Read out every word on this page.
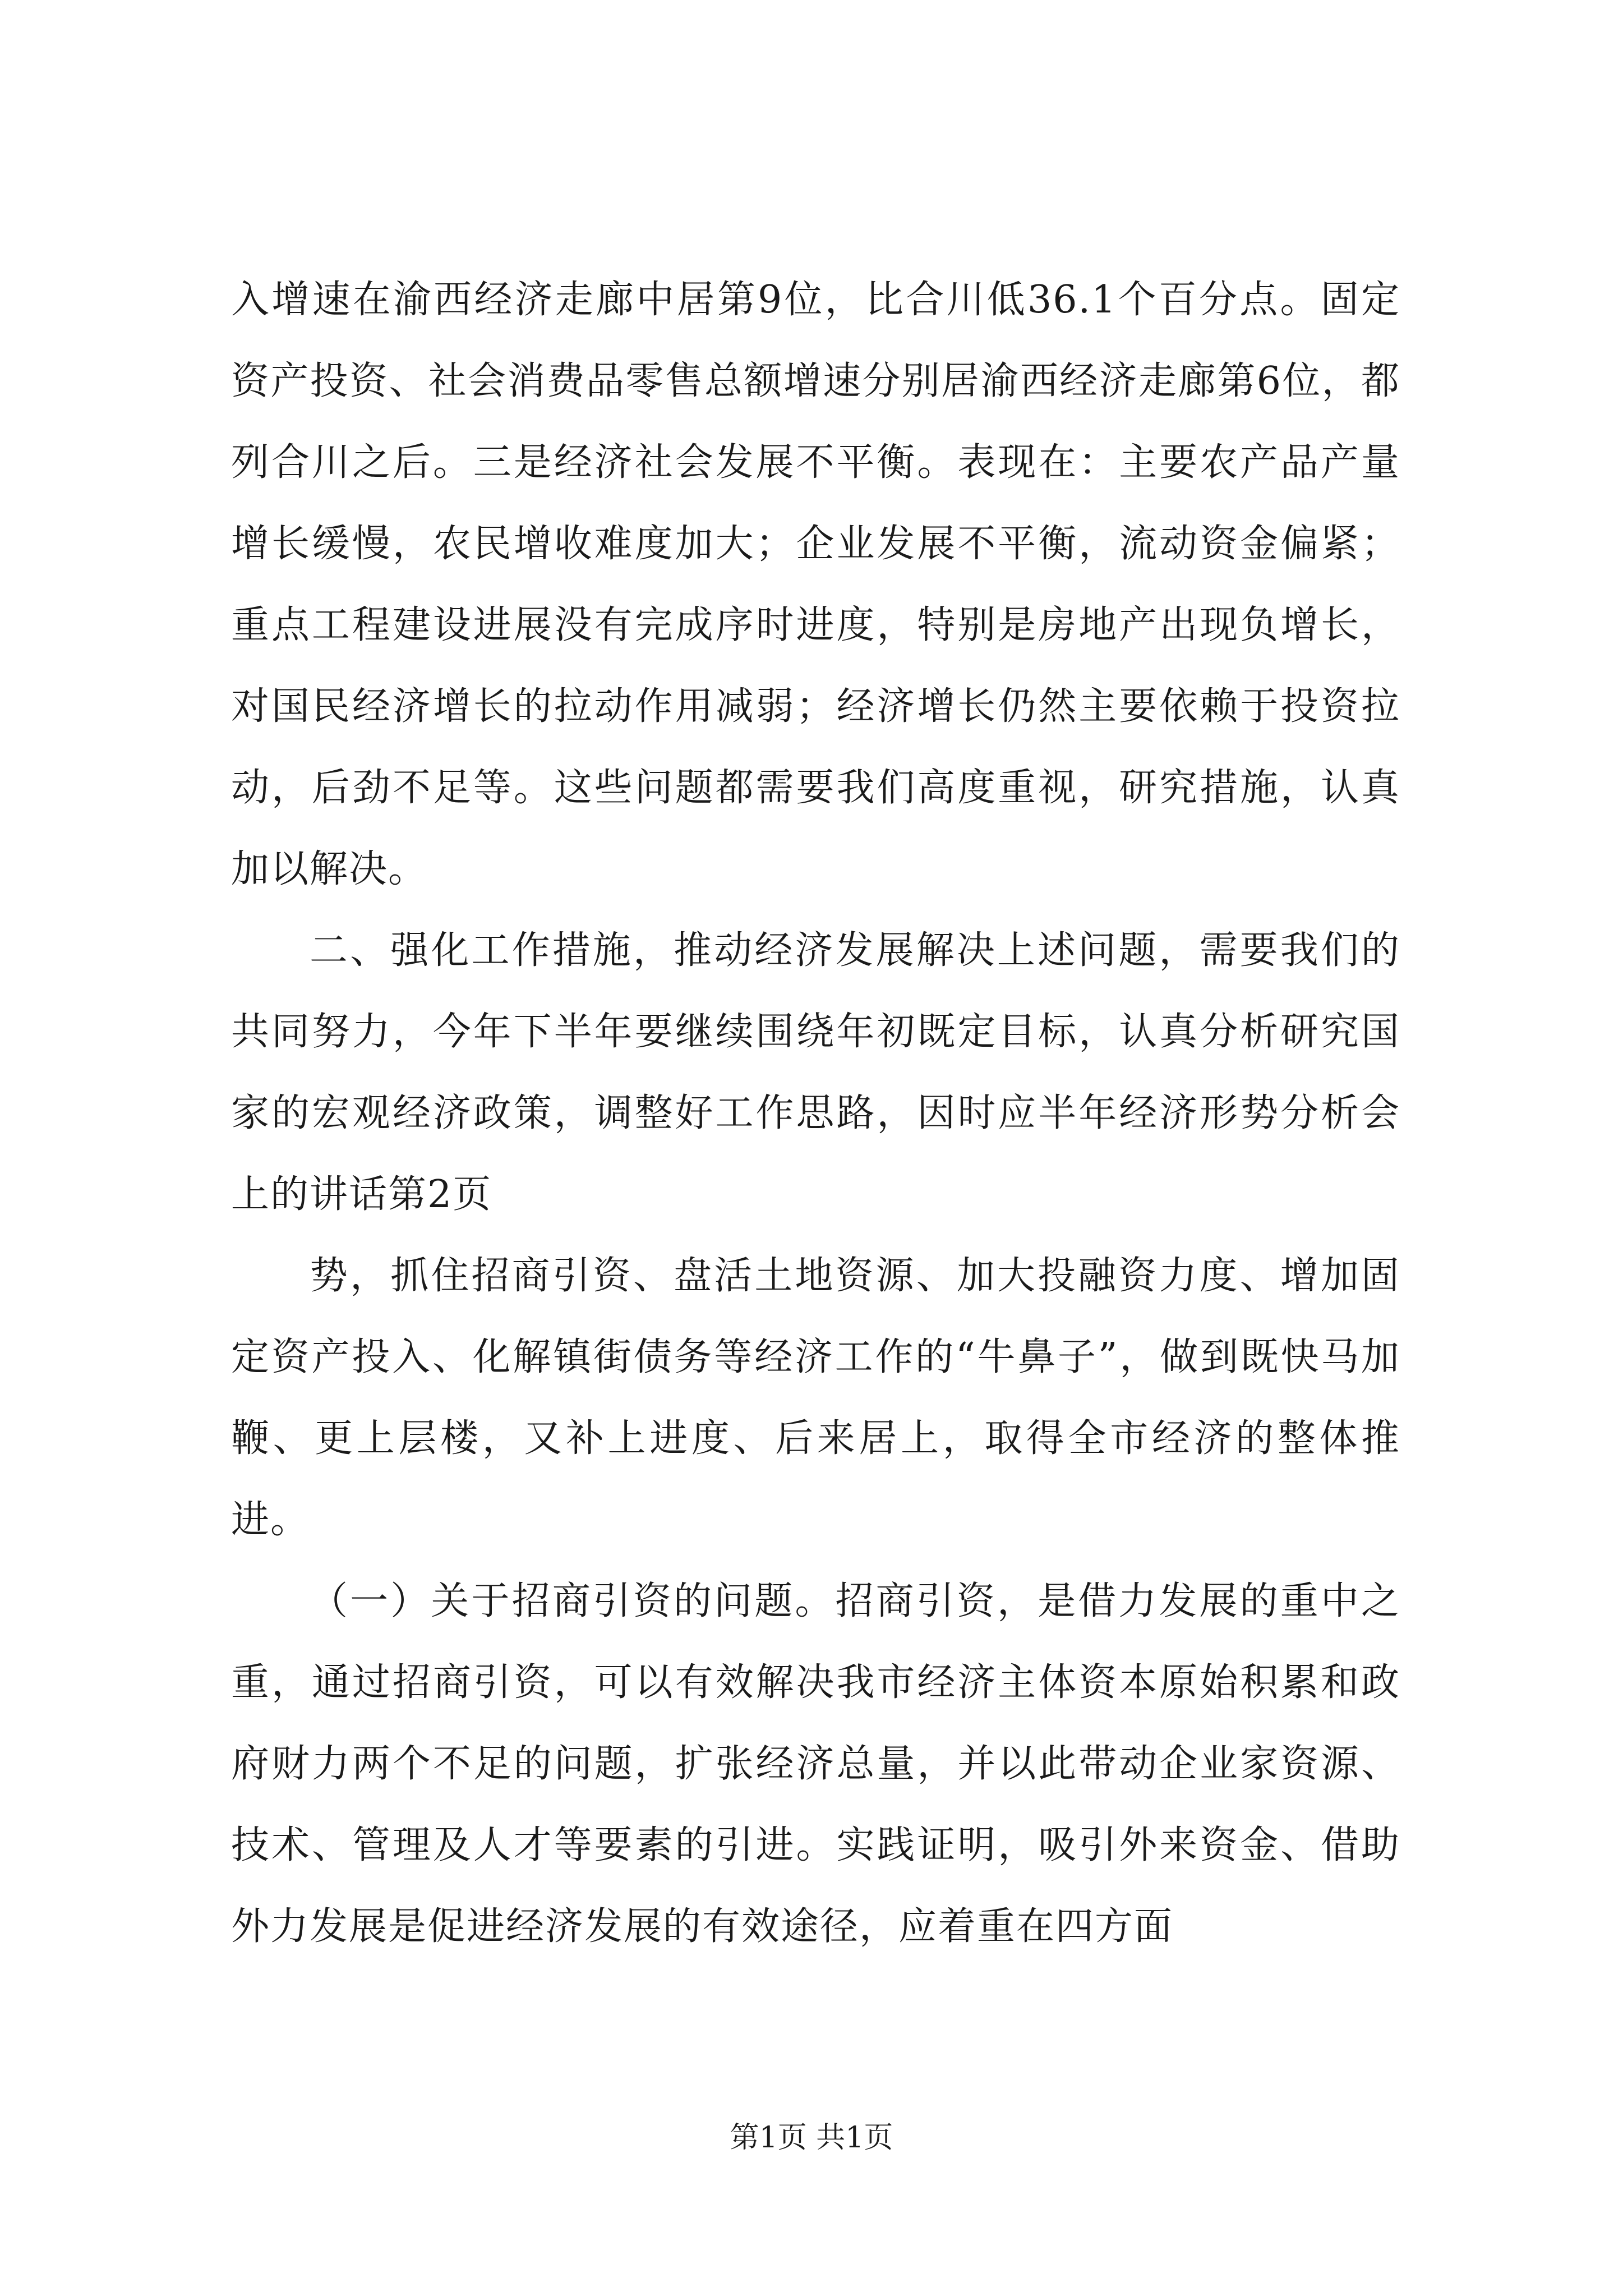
入增速在渝西经济走廊中居第9位，比合川低36.1个百分点。固定资产投资、社会消费品零售总额增速分别居渝西经济走廊第6位，都列合川之后。三是经济社会发展不平衡。表现在：主要农产品产量增长缓慢，农民增收难度加大；企业发展不平衡，流动资金偏紧；重点工程建设进展没有完成序时进度，特别是房地产出现负增长，对国民经济增长的拉动作用减弱；经济增长仍然主要依赖于投资拉动，后劲不足等。这些问题都需要我们高度重视，研究措施，认真加以解决。

二、强化工作措施，推动经济发展解决上述问题，需要我们的共同努力，今年下半年要继续围绕年初既定目标，认真分析研究国家的宏观经济政策，调整好工作思路，因时应半年经济形势分析会上的讲话第2页

势，抓住招商引资、盘活土地资源、加大投融资力度、增加固定资产投入、化解镇街债务等经济工作的“牛鼻子”，做到既快马加鞭、更上层楼，又补上进度、后来居上，取得全市经济的整体推进。

（一）关于招商引资的问题。招商引资，是借力发展的重中之重，通过招商引资，可以有效解决我市经济主体资本原始积累和政府财力两个不足的问题，扩张经济总量，并以此带动企业家资源、技术、管理及人才等要素的引进。实践证明，吸引外来资金、借助外力发展是促进经济发展的有效途径，应着重在四方面

第1页 共1页
